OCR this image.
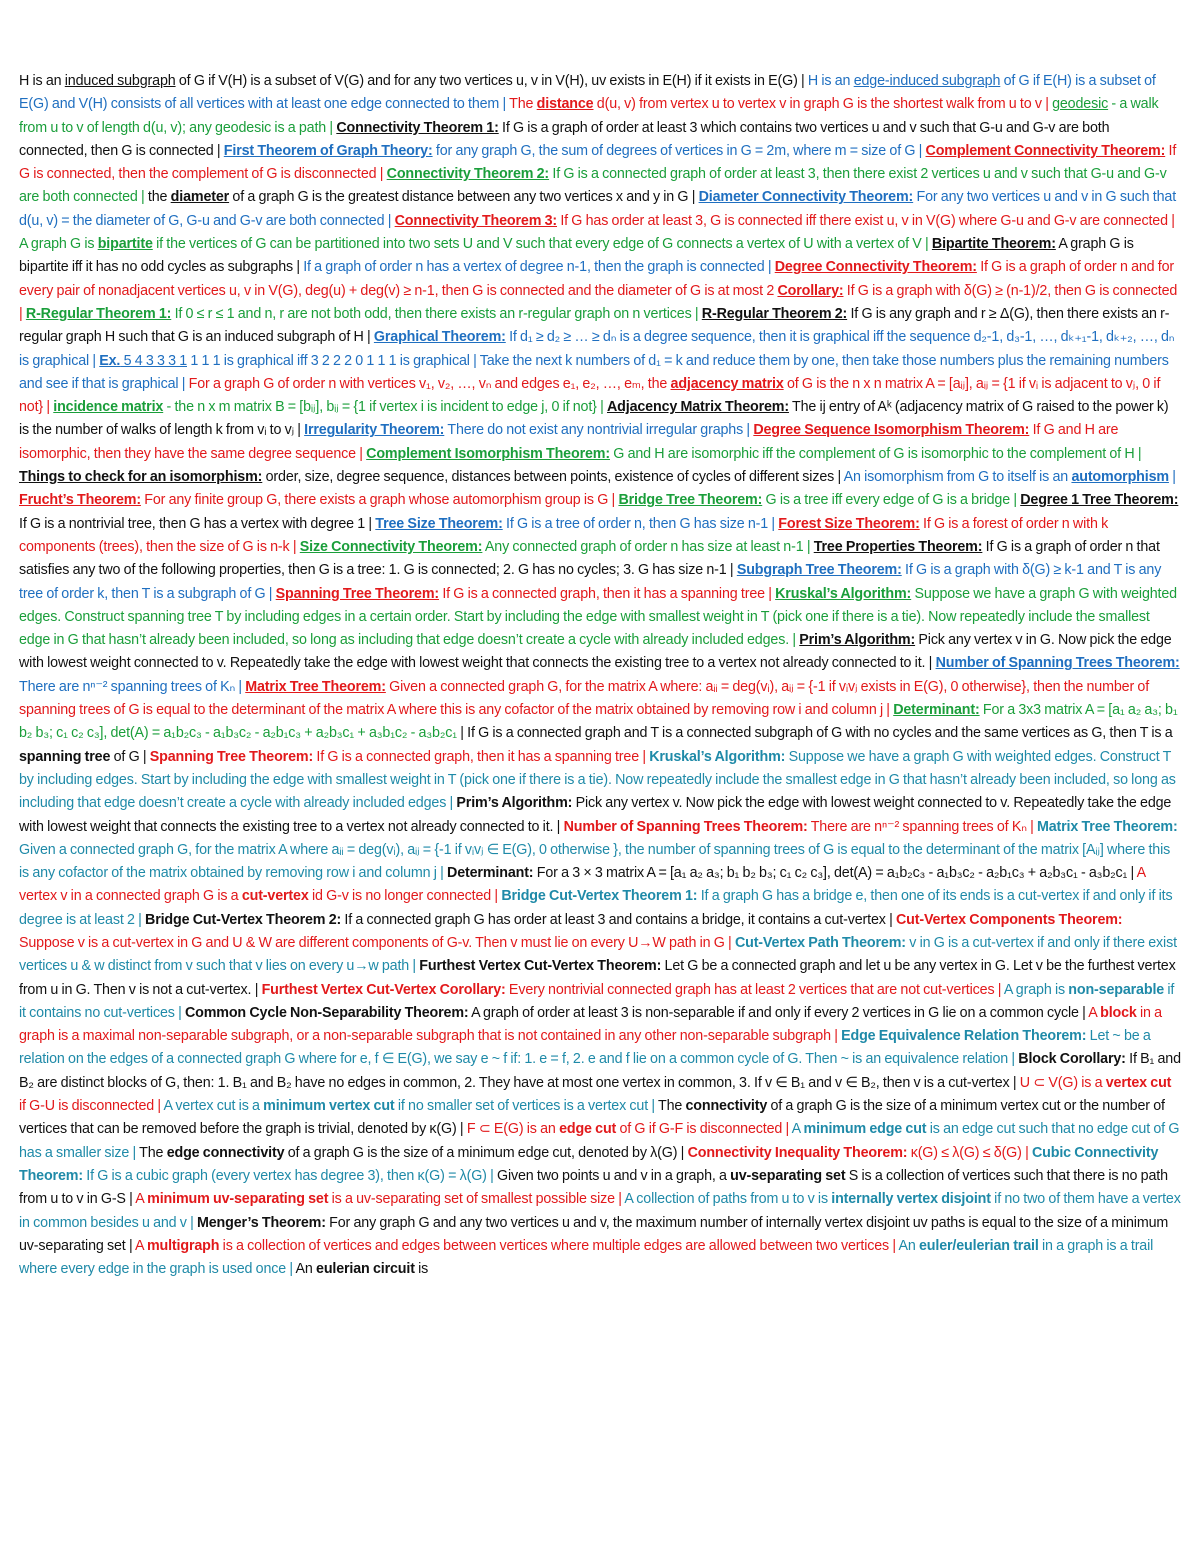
H is an induced subgraph of G if V(H) is a subset of V(G) and for any two vertices u, v in V(H), uv exists in E(H) if it exists in E(G) | H is an edge-induced subgraph of G if E(H) is a subset of E(G) and V(H) consists of all vertices with at least one edge connected to them | The distance d(u, v) from vertex u to vertex v in graph G is the shortest walk from u to v | geodesic - a walk from u to v of length d(u, v); any geodesic is a path | Connectivity Theorem 1: If G is a graph of order at least 3 which contains two vertices u and v such that G-u and G-v are both connected, then G is connected | First Theorem of Graph Theory: for any graph G, the sum of degrees of vertices in G = 2m, where m = size of G | Complement Connectivity Theorem: If G is connected, then the complement of G is disconnected | Connectivity Theorem 2: If G is a connected graph of order at least 3, then there exist 2 vertices u and v such that G-u and G-v are both connected | the diameter of a graph G is the greatest distance between any two vertices x and y in G | Diameter Connectivity Theorem: For any two vertices u and v in G such that d(u, v) = the diameter of G, G-u and G-v are both connected | Connectivity Theorem 3: If G has order at least 3, G is connected iff there exist u, v in V(G) where G-u and G-v are connected | A graph G is bipartite if the vertices of G can be partitioned into two sets U and V such that every edge of G connects a vertex of U with a vertex of V | Bipartite Theorem: A graph G is bipartite iff it has no odd cycles as subgraphs | If a graph of order n has a vertex of degree n-1, then the graph is connected | Degree Connectivity Theorem: If G is a graph of order n and for every pair of nonadjacent vertices u, v in V(G), deg(u) + deg(v) ≥ n-1, then G is connected and the diameter of G is at most 2 Corollary: If G is a graph with δ(G) ≥ (n-1)/2, then G is connected | R-Regular Theorem 1: If 0 ≤ r ≤ 1 and n, r are not both odd, then there exists an r-regular graph on n vertices | R-Regular Theorem 2: If G is any graph and r ≥ Δ(G), then there exists an r-regular graph H such that G is an induced subgraph of H | Graphical Theorem: If d₁ ≥ d₂ ≥ … ≥ dₙ is a degree sequence, then it is graphical iff the sequence d₂-1, d₃-1, …, dₖ₊₁-1, dₖ₊₂, …, dₙ is graphical | Ex. 5 4 3 3 3 1 1 1 1 is graphical iff 3 2 2 2 0 1 1 1 is graphical | Take the next k numbers of d₁ = k and reduce them by one, then take those numbers plus the remaining numbers and see if that is graphical | For a graph G of order n with vertices v₁, v₂, …, vₙ and edges e₁, e₂, …, eₘ, the adjacency matrix of G is the n x n matrix A = [aᵢⱼ], aᵢⱼ = {1 if vᵢ is adjacent to vⱼ, 0 if not} | incidence matrix - the n x m matrix B = [bᵢⱼ], bᵢⱼ = {1 if vertex i is incident to edge j, 0 if not} | Adjacency Matrix Theorem: The ij entry of Aᵏ (adjacency matrix of G raised to the power k) is the number of walks of length k from vᵢ to vⱼ | Irregularity Theorem: There do not exist any nontrivial irregular graphs | Degree Sequence Isomorphism Theorem: If G and H are isomorphic, then they have the same degree sequence | Complement Isomorphism Theorem: G and H are isomorphic iff the complement of G is isomorphic to the complement of H | Things to check for an isomorphism: order, size, degree sequence, distances between points, existence of cycles of different sizes | An isomorphism from G to itself is an automorphism | Frucht’s Theorem: For any finite group G, there exists a graph whose automorphism group is G | Bridge Tree Theorem: G is a tree iff every edge of G is a bridge | Degree 1 Tree Theorem: If G is a nontrivial tree, then G has a vertex with degree 1 | Tree Size Theorem: If G is a tree of order n, then G has size n-1 | Forest Size Theorem: If G is a forest of order n with k components (trees), then the size of G is n-k | Size Connectivity Theorem: Any connected graph of order n has size at least n-1 | Tree Properties Theorem: If G is a graph of order n that satisfies any two of the following properties, then G is a tree: 1. G is connected; 2. G has no cycles; 3. G has size n-1 | Subgraph Tree Theorem: If G is a graph with δ(G) ≥ k-1 and T is any tree of order k, then T is a subgraph of G | Spanning Tree Theorem: If G is a connected graph, then it has a spanning tree | Kruskal’s Algorithm: Suppose we have a graph G with weighted edges. Construct spanning tree T by including edges in a certain order. Start by including the edge with smallest weight in T (pick one if there is a tie). Now repeatedly include the smallest edge in G that hasn’t already been included, so long as including that edge doesn’t create a cycle with already included edges. | Prim’s Algorithm: Pick any vertex v in G. Now pick the edge with lowest weight connected to v. Repeatedly take the edge with lowest weight that connects the existing tree to a vertex not already connected to it. | Number of Spanning Trees Theorem: There are nⁿ⁻² spanning trees of Kₙ | Matrix Tree Theorem: Given a connected graph G, for the matrix A where: aᵢᵢ = deg(vᵢ), aᵢⱼ = {-1 if vᵢvⱼ exists in E(G), 0 otherwise}, then the number of spanning trees of G is equal to the determinant of the matrix A where this is any cofactor of the matrix obtained by removing row i and column j | Determinant: For a 3x3 matrix A = [a₁ a₂ a₃; b₁ b₂ b₃; c₁ c₂ c₃], det(A) = a₁b₂c₃ - a₁b₃c₂ - a₂b₁c₃ + a₂b₃c₁ + a₃b₁c₂ - a₃b₂c₁ | If G is a connected graph and T is a connected subgraph of G with no cycles and the same vertices as G, then T is a spanning tree of G | Spanning Tree Theorem: If G is a connected graph, then it has a spanning tree | Kruskal’s Algorithm: Suppose we have a graph G with weighted edges. Construct T by including edges. Start by including the edge with smallest weight in T (pick one if there is a tie). Now repeatedly include the smallest edge in G that hasn’t already been included, so long as including that edge doesn’t create a cycle with already included edges | Prim’s Algorithm: Pick any vertex v. Now pick the edge with lowest weight connected to v. Repeatedly take the edge with lowest weight that connects the existing tree to a vertex not already connected to it. | Number of Spanning Trees Theorem: There are nⁿ⁻² spanning trees of Kₙ | Matrix Tree Theorem: Given a connected graph G, for the matrix A where aᵢᵢ = deg(vᵢ), aᵢⱼ = {-1 if vᵢvⱼ ∈ E(G), 0 otherwise }, the number of spanning trees of G is equal to the determinant of the matrix [Aᵢⱼ] where this is any cofactor of the matrix obtained by removing row i and column j | Determinant: For a 3 × 3 matrix A = [a₁ a₂ a₃; b₁ b₂ b₃; c₁ c₂ c₃], det(A) = a₁b₂c₃ - a₁b₃c₂ - a₂b₁c₃ + a₂b₃c₁ - a₃b₂c₁ | A vertex v in a connected graph G is a cut-vertex id G-v is no longer connected | Bridge Cut-Vertex Theorem 1: If a graph G has a bridge e, then one of its ends is a cut-vertex if and only if its degree is at least 2 | Bridge Cut-Vertex Theorem 2: If a connected graph G has order at least 3 and contains a bridge, it contains a cut-vertex | Cut-Vertex Components Theorem: Suppose v is a cut-vertex in G and U & W are different components of G-v. Then v must lie on every U→W path in G | Cut-Vertex Path Theorem: v in G is a cut-vertex if and only if there exist vertices u & w distinct from v such that v lies on every u→w path | Furthest Vertex Cut-Vertex Theorem: Let G be a connected graph and let u be any vertex in G. Let v be the furthest vertex from u in G. Then v is not a cut-vertex. | Furthest Vertex Cut-Vertex Corollary: Every nontrivial connected graph has at least 2 vertices that are not cut-vertices | A graph is non-separable if it contains no cut-vertices | Common Cycle Non-Separability Theorem: A graph of order at least 3 is non-separable if and only if every 2 vertices in G lie on a common cycle | A block in a graph is a maximal non-separable subgraph, or a non-separable subgraph that is not contained in any other non-separable subgraph | Edge Equivalence Relation Theorem: Let ~ be a relation on the edges of a connected graph G where for e, f ∈ E(G), we say e ~ f if: 1. e = f, 2. e and f lie on a common cycle of G. Then ~ is an equivalence relation | Block Corollary: If B₁ and B₂ are distinct blocks of G, then: 1. B₁ and B₂ have no edges in common, 2. They have at most one vertex in common, 3. If v ∈ B₁ and v ∈ B₂, then v is a cut-vertex | U ⊂ V(G) is a vertex cut if G-U is disconnected | A vertex cut is a minimum vertex cut if no smaller set of vertices is a vertex cut | The connectivity of a graph G is the size of a minimum vertex cut or the number of vertices that can be removed before the graph is trivial, denoted by κ(G) | F ⊂ E(G) is an edge cut of G if G-F is disconnected | A minimum edge cut is an edge cut such that no edge cut of G has a smaller size | The edge connectivity of a graph G is the size of a minimum edge cut, denoted by λ(G) | Connectivity Inequality Theorem: κ(G) ≤ λ(G) ≤ δ(G) | Cubic Connectivity Theorem: If G is a cubic graph (every vertex has degree 3), then κ(G) = λ(G) | Given two points u and v in a graph, a uv-separating set S is a collection of vertices such that there is no path from u to v in G-S | A minimum uv-separating set is a uv-separating set of smallest possible size | A collection of paths from u to v is internally vertex disjoint if no two of them have a vertex in common besides u and v | Menger’s Theorem: For any graph G and any two vertices u and v, the maximum number of internally vertex disjoint uv paths is equal to the size of a minimum uv-separating set | A multigraph is a collection of vertices and edges between vertices where multiple edges are allowed between two vertices | An euler/eulerian trail in a graph is a trail where every edge in the graph is used once | An eulerian circuit is
